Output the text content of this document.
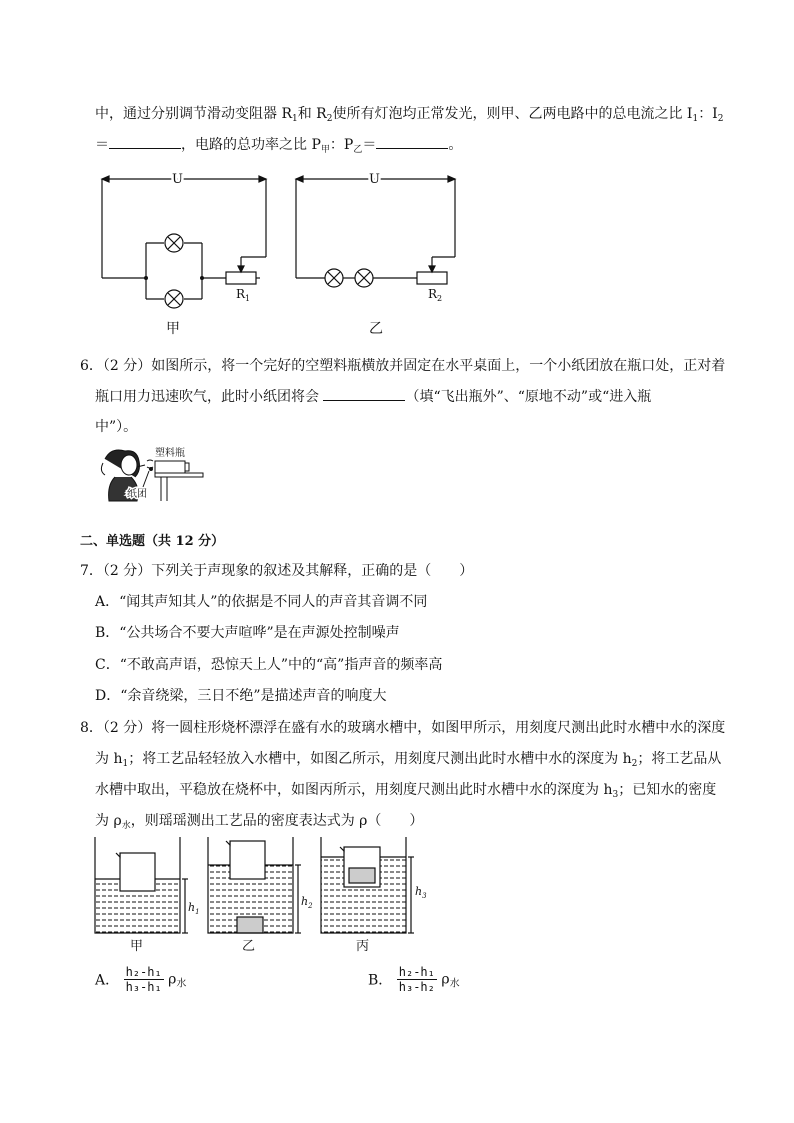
中，通过分别调节滑动变阻器 $R_1$和 $R_2$使所有灯泡均正常发光，则甲、乙两电路中的总电流之比 $I_1$：$I_2$
＝	，电路的总功率之比 $P_甲$：$P_乙=$	。
U
$R_1$
甲
U
$R_2$
乙
6．（2 分）如图所示，将一个完好的空塑料瓶横放并固定在水平桌面上，一个小纸团放在瓶口处，正对着
瓶口用力迅速吹气，此时小纸团将会	（填“飞出瓶外”、“原地不动”或“进入瓶
中”）。
塑料瓶
纸团
二、单选题（共 12 分）
7．（2 分）下列关于声现象的叙述及其解释，正确的是（　　）
A．“闻其声知其人”的依据是不同人的声音其音调不同
B．“公共场合不要大声喧哗”是在声源处控制噪声
C．“不敢高声语，恐惊天上人”中的“高”指声音的频率高
D．“余音绕梁，三日不绝”是描述声音的响度大
8．（2 分）将一圆柱形烧杯漂浮在盛有水的玻璃水槽中，如图甲所示，用刻度尺测出此时水槽中水的深度
为 $h_1$；将工艺品轻轻放入水槽中，如图乙所示，用刻度尺测出此时水槽中水的深度为 $h_2$；将工艺品从
水槽中取出，平稳放在烧杯中，如图丙所示，用刻度尺测出此时水槽中水的深度为 $h_3$；已知水的密度
为 $\rho_水$，则瑶瑶测出工艺品的密度表达式为 ρ（　　）
$h_1$
甲
$h_2$
乙
$h_3$
丙
A． $\frac{\text{h₂-h₁}}{\text{h₃-h₁}} \rho_水$	B． $\frac{\text{h₂-h₁}}{\text{h₃-h₂}} \rho_水$
